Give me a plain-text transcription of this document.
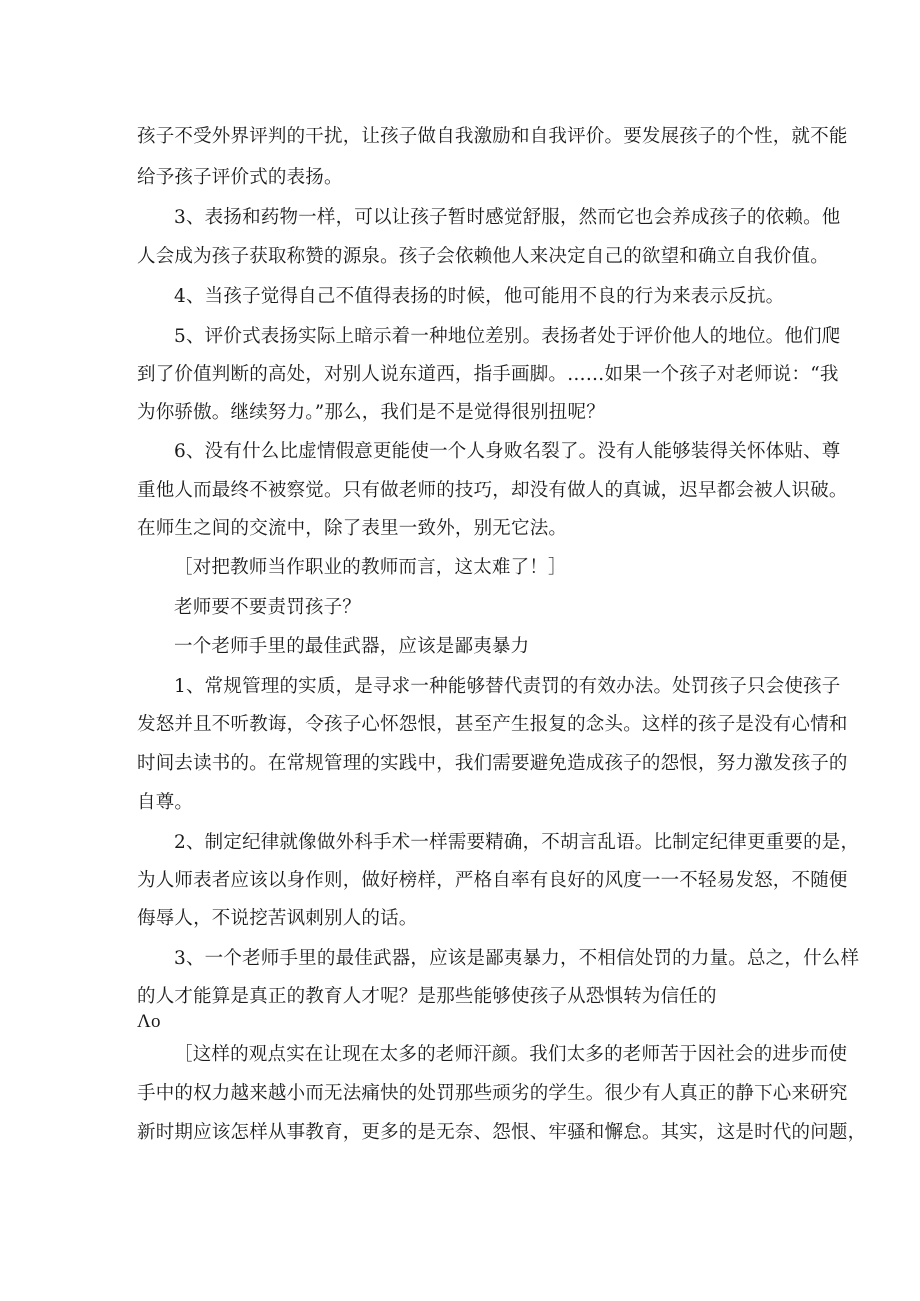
孩子不受外界评判的干扰，让孩子做自我激励和自我评价。要发展孩子的个性，就不能
给予孩子评价式的表扬。
3、表扬和药物一样，可以让孩子暂时感觉舒服，然而它也会养成孩子的依赖。他
人会成为孩子获取称赞的源泉。孩子会依赖他人来决定自己的欲望和确立自我价值。
4、当孩子觉得自己不值得表扬的时候，他可能用不良的行为来表示反抗。
5、评价式表扬实际上暗示着一种地位差别。表扬者处于评价他人的地位。他们爬
到了价值判断的高处，对别人说东道西，指手画脚。……如果一个孩子对老师说：“我
为你骄傲。继续努力。”那么，我们是不是觉得很别扭呢？
6、没有什么比虚情假意更能使一个人身败名裂了。没有人能够装得关怀体贴、尊
重他人而最终不被察觉。只有做老师的技巧，却没有做人的真诚，迟早都会被人识破。
在师生之间的交流中，除了表里一致外，别无它法。
［对把教师当作职业的教师而言，这太难了！］
老师要不要责罚孩子？
一个老师手里的最佳武器，应该是鄙夷暴力
1、常规管理的实质，是寻求一种能够替代责罚的有效办法。处罚孩子只会使孩子
发怒并且不听教诲，令孩子心怀怨恨，甚至产生报复的念头。这样的孩子是没有心情和
时间去读书的。在常规管理的实践中，我们需要避免造成孩子的怨恨，努力激发孩子的
自尊。
2、制定纪律就像做外科手术一样需要精确，不胡言乱语。比制定纪律更重要的是，
为人师表者应该以身作则，做好榜样，严格自率有良好的风度一一不轻易发怒，不随便
侮辱人，不说挖苦讽刺别人的话。
3、一个老师手里的最佳武器，应该是鄙夷暴力，不相信处罚的力量。总之，什么样
的人才能算是真正的教育人才呢？是那些能够使孩子从恐惧转为信任的
Λo
［这样的观点实在让现在太多的老师汗颜。我们太多的老师苦于因社会的进步而使
手中的权力越来越小而无法痛快的处罚那些顽劣的学生。很少有人真正的静下心来研究
新时期应该怎样从事教育，更多的是无奈、怨恨、牢骚和懈怠。其实，这是时代的问题，
